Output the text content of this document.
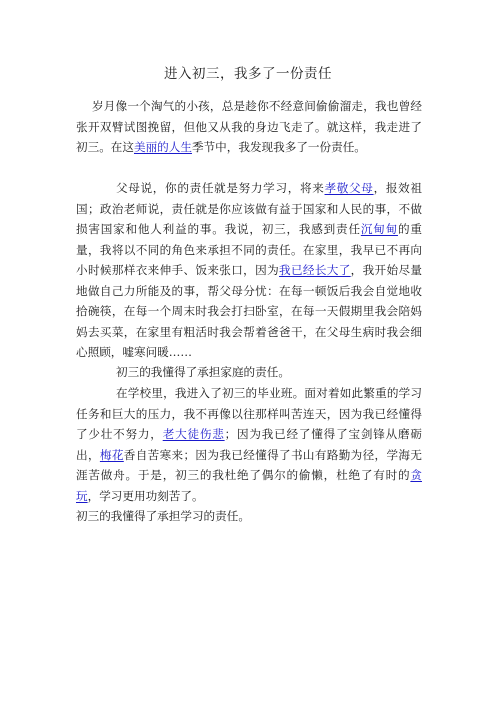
进入初三，我多了一份责任

岁月像一个淘气的小孩，总是趁你不经意间偷偷溜走，我也曾经张开双臂试图挽留，但他又从我的身边飞走了。就这样，我走进了初三。在这美丽的人生季节中，我发现我多了一份责任。

父母说，你的责任就是努力学习，将来孝敬父母，报效祖国；政治老师说，责任就是你应该做有益于国家和人民的事，不做损害国家和他人利益的事。我说，初三，我感到责任沉甸甸的重量，我将以不同的角色来承担不同的责任。在家里，我早已不再向小时候那样衣来伸手、饭来张口，因为我已经长大了，我开始尽量地做自己力所能及的事，帮父母分忧：在每一顿饭后我会自觉地收拾碗筷，在每一个周末时我会打扫卧室，在每一天假期里我会陪妈妈去买菜，在家里有粗活时我会帮着爸爸干，在父母生病时我会细心照顾，嘘寒问暖……

初三的我懂得了承担家庭的责任。

在学校里，我进入了初三的毕业班。面对着如此繁重的学习任务和巨大的压力，我不再像以往那样叫苦连天，因为我已经懂得了少壮不努力，老大徒伤悲；因为我已经了懂得了宝剑锋从磨砺出，梅花香自苦寒来；因为我已经懂得了书山有路勤为径，学海无涯苦做舟。于是，初三的我杜绝了偶尔的偷懒，杜绝了有时的贪玩，学习更用功刻苦了。

初三的我懂得了承担学习的责任。
